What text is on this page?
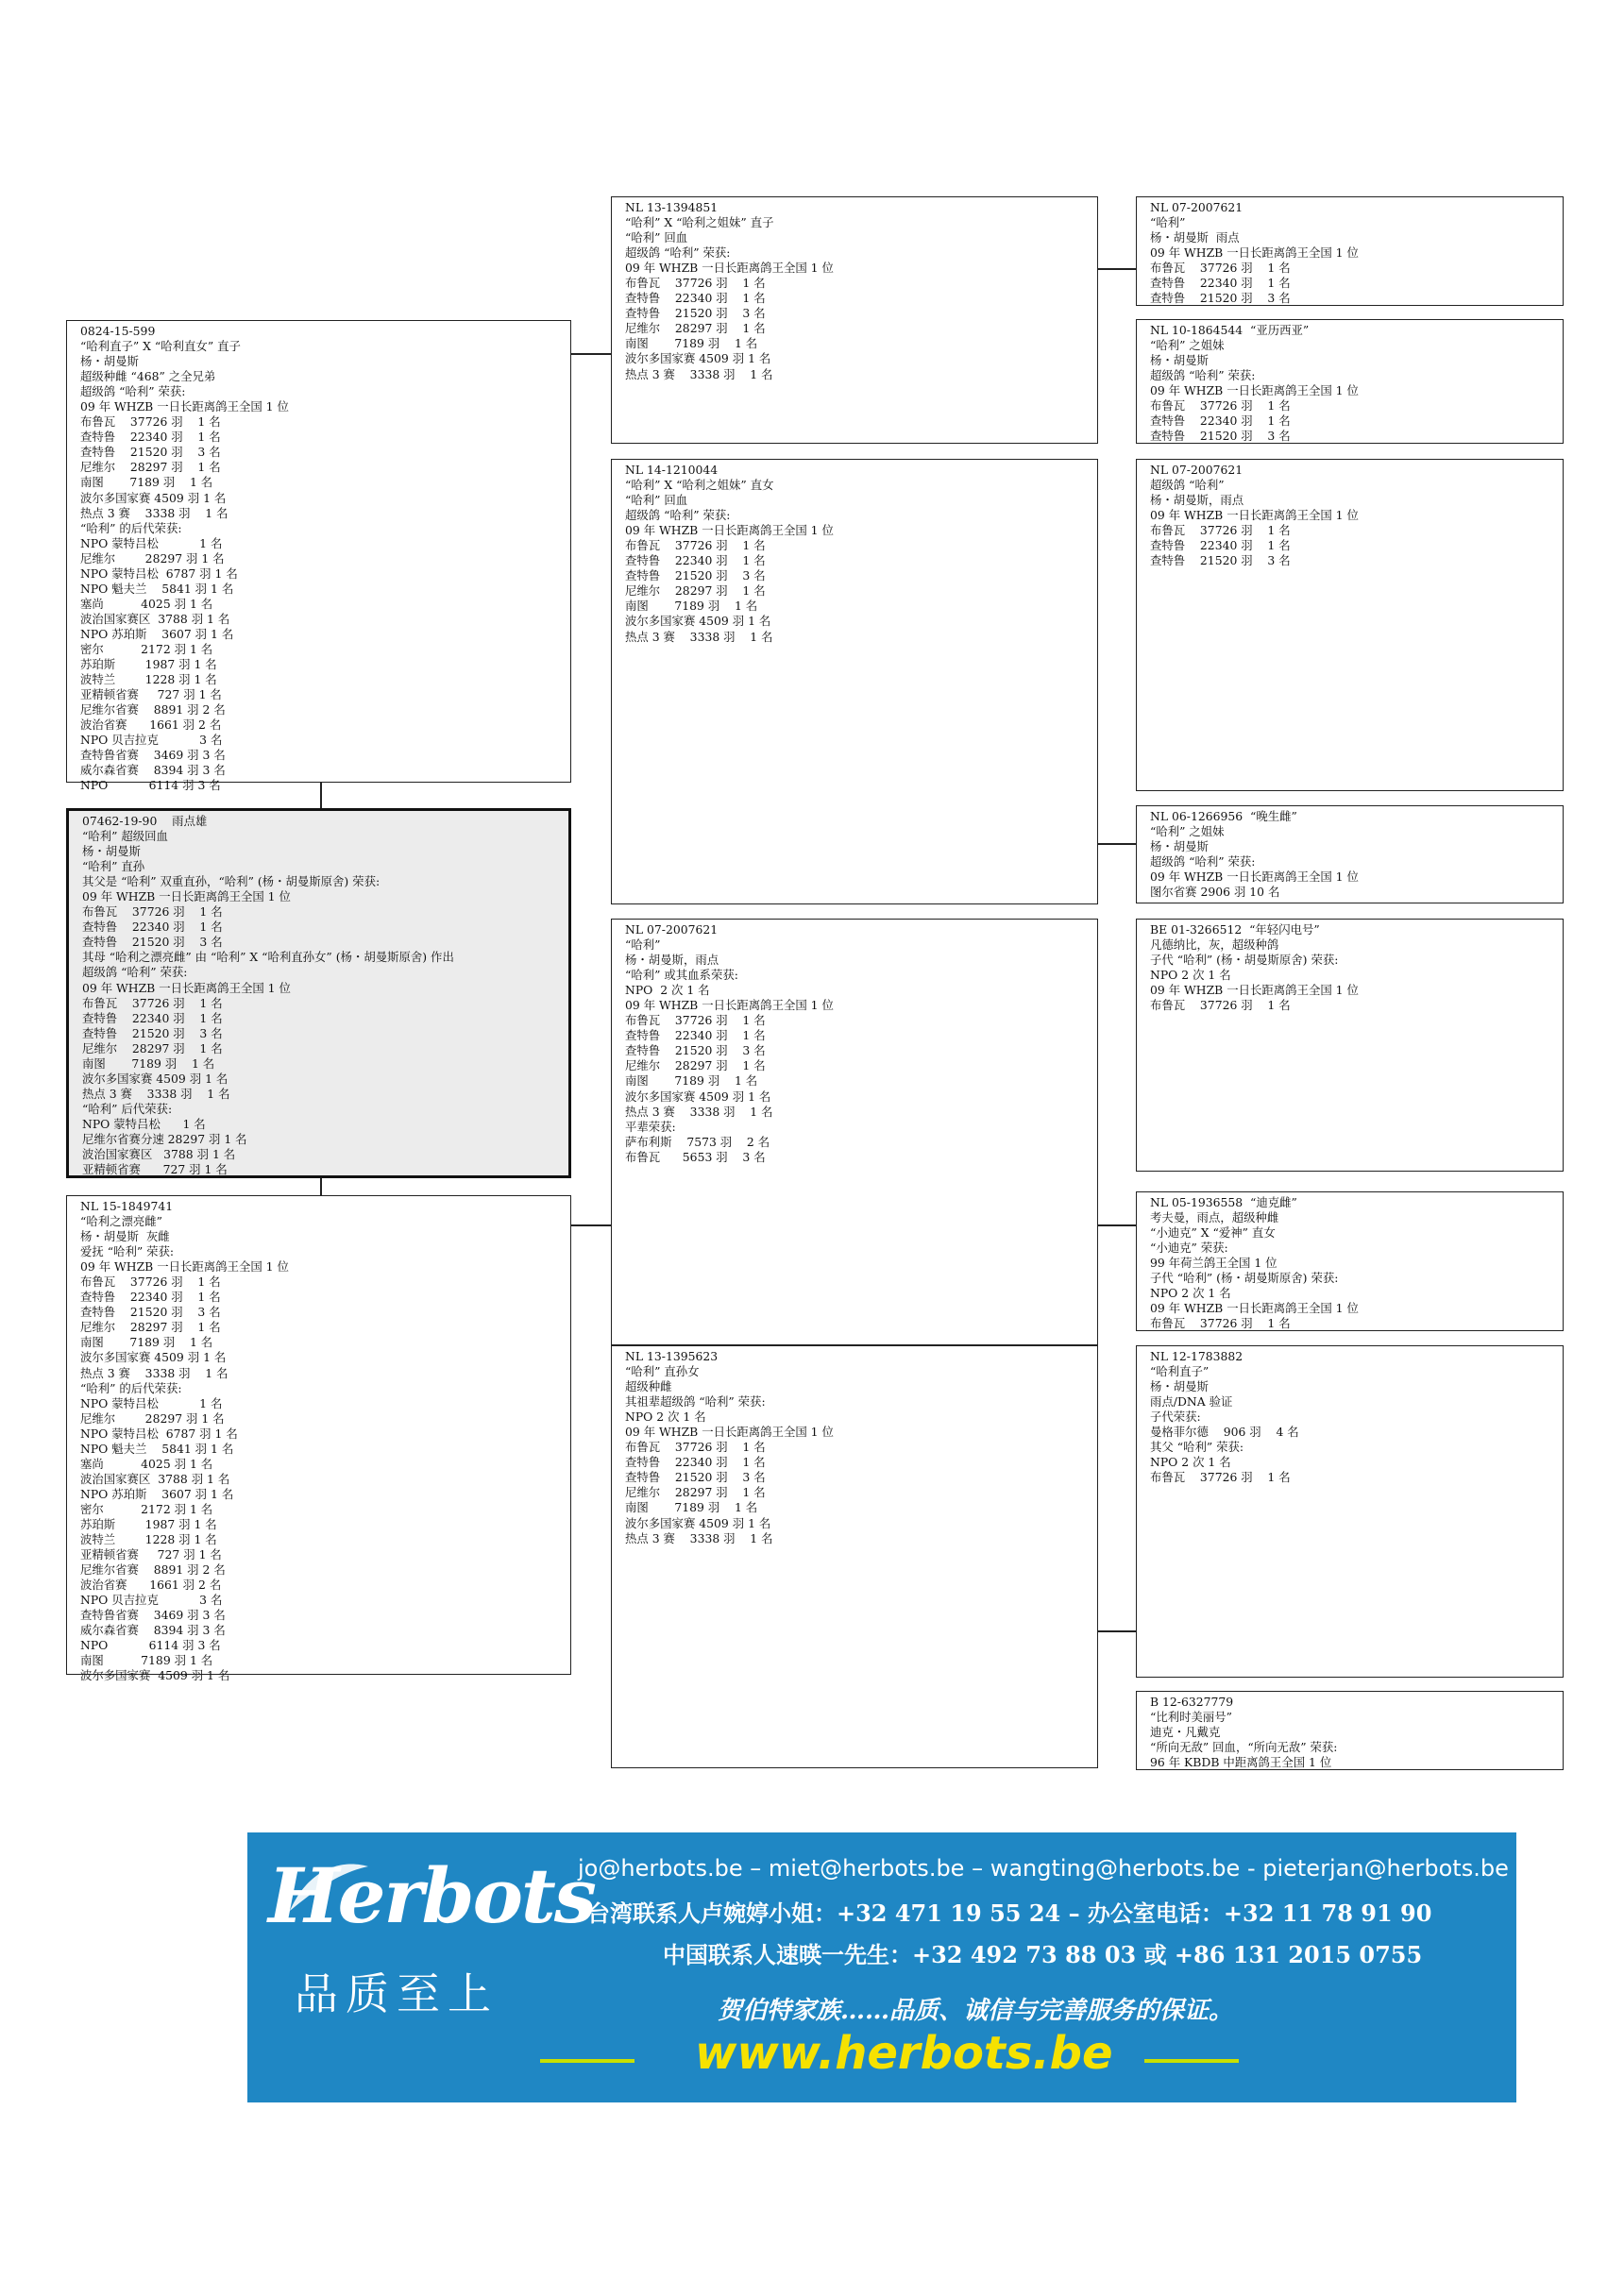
0824-15-599
“哈利直子” X “哈利直女” 直子
杨・胡曼斯
超级种雌 “468” 之全兄弟
超级鸽 “哈利” 荣获:
09 年 WHZB 一日长距离鸽王全国 1 位
布鲁瓦    37726 羽    1 名
查特鲁    22340 羽    1 名
查特鲁    21520 羽    3 名
尼维尔    28297 羽    1 名
南图       7189 羽    1 名
波尔多国家赛 4509 羽 1 名
热点 3 赛    3338 羽    1 名
“哈利” 的后代荣获:
NPO 蒙特吕松           1 名
尼维尔        28297 羽 1 名
NPO 蒙特吕松  6787 羽 1 名
NPO 魁夫兰    5841 羽 1 名
塞尚          4025 羽 1 名
波治国家赛区  3788 羽 1 名
NPO 苏珀斯    3607 羽 1 名
密尔          2172 羽 1 名
苏珀斯        1987 羽 1 名
波特兰        1228 羽 1 名
亚精顿省赛     727 羽 1 名
尼维尔省赛    8891 羽 2 名
波治省赛      1661 羽 2 名
NPO 贝吉拉克           3 名
查特鲁省赛    3469 羽 3 名
威尔森省赛    8394 羽 3 名
NPO           6114 羽 3 名
07462-19-90    雨点雄
“哈利” 超级回血
杨・胡曼斯
“哈利” 直孙
其父是 “哈利” 双重直孙，“哈利” (杨・胡曼斯原舍) 荣获:
09 年 WHZB 一日长距离鸽王全国 1 位
布鲁瓦    37726 羽    1 名
查特鲁    22340 羽    1 名
查特鲁    21520 羽    3 名
其母 “哈利之漂亮雌” 由 “哈利” X “哈利直孙女” (杨・胡曼斯原舍) 作出
超级鸽 “哈利” 荣获:
09 年 WHZB 一日长距离鸽王全国 1 位
布鲁瓦    37726 羽    1 名
查特鲁    22340 羽    1 名
查特鲁    21520 羽    3 名
尼维尔    28297 羽    1 名
南图       7189 羽    1 名
波尔多国家赛 4509 羽 1 名
热点 3 赛    3338 羽    1 名
“哈利” 后代荣获:
NPO 蒙特吕松      1 名
尼维尔省赛分速 28297 羽 1 名
波治国家赛区   3788 羽 1 名
亚精顿省赛      727 羽 1 名
NL 15-1849741
“哈利之漂亮雌”
杨・胡曼斯  灰雌
爱抚 “哈利” 荣获:
09 年 WHZB 一日长距离鸽王全国 1 位
布鲁瓦    37726 羽    1 名
查特鲁    22340 羽    1 名
查特鲁    21520 羽    3 名
尼维尔    28297 羽    1 名
南图       7189 羽    1 名
波尔多国家赛 4509 羽 1 名
热点 3 赛    3338 羽    1 名
“哈利” 的后代荣获:
NPO 蒙特吕松           1 名
尼维尔        28297 羽 1 名
NPO 蒙特吕松  6787 羽 1 名
NPO 魁夫兰    5841 羽 1 名
塞尚          4025 羽 1 名
波治国家赛区  3788 羽 1 名
NPO 苏珀斯    3607 羽 1 名
密尔          2172 羽 1 名
苏珀斯        1987 羽 1 名
波特兰        1228 羽 1 名
亚精顿省赛     727 羽 1 名
尼维尔省赛    8891 羽 2 名
波治省赛      1661 羽 2 名
NPO 贝吉拉克           3 名
查特鲁省赛    3469 羽 3 名
威尔森省赛    8394 羽 3 名
NPO           6114 羽 3 名
南图          7189 羽 1 名
波尔多国家赛  4509 羽 1 名
NL 13-1394851
“哈利” X “哈利之姐妹” 直子
“哈利” 回血
超级鸽 “哈利” 荣获:
09 年 WHZB 一日长距离鸽王全国 1 位
布鲁瓦    37726 羽    1 名
查特鲁    22340 羽    1 名
查特鲁    21520 羽    3 名
尼维尔    28297 羽    1 名
南图       7189 羽    1 名
波尔多国家赛 4509 羽 1 名
热点 3 赛    3338 羽    1 名
NL 14-1210044
“哈利” X “哈利之姐妹” 直女
“哈利” 回血
超级鸽 “哈利” 荣获:
09 年 WHZB 一日长距离鸽王全国 1 位
布鲁瓦    37726 羽    1 名
查特鲁    22340 羽    1 名
查特鲁    21520 羽    3 名
尼维尔    28297 羽    1 名
南图       7189 羽    1 名
波尔多国家赛 4509 羽 1 名
热点 3 赛    3338 羽    1 名
NL 07-2007621
“哈利”
杨・胡曼斯，雨点
“哈利” 或其血系荣获:
NPO  2 次 1 名
09 年 WHZB 一日长距离鸽王全国 1 位
布鲁瓦    37726 羽    1 名
查特鲁    22340 羽    1 名
查特鲁    21520 羽    3 名
尼维尔    28297 羽    1 名
南图       7189 羽    1 名
波尔多国家赛 4509 羽 1 名
热点 3 赛    3338 羽    1 名
平辈荣获:
萨布利斯    7573 羽    2 名
布鲁瓦      5653 羽    3 名
NL 13-1395623
“哈利” 直孙女
超级种雌
其祖辈超级鸽 “哈利” 荣获:
NPO 2 次 1 名
09 年 WHZB 一日长距离鸽王全国 1 位
布鲁瓦    37726 羽    1 名
查特鲁    22340 羽    1 名
查特鲁    21520 羽    3 名
尼维尔    28297 羽    1 名
南图       7189 羽    1 名
波尔多国家赛 4509 羽 1 名
热点 3 赛    3338 羽    1 名
NL 07-2007621
“哈利”
杨・胡曼斯  雨点
09 年 WHZB 一日长距离鸽王全国 1 位
布鲁瓦    37726 羽    1 名
查特鲁    22340 羽    1 名
查特鲁    21520 羽    3 名
NL 10-1864544  “亚历西亚”
“哈利” 之姐妹
杨・胡曼斯
超级鸽 “哈利” 荣获:
09 年 WHZB 一日长距离鸽王全国 1 位
布鲁瓦    37726 羽    1 名
查特鲁    22340 羽    1 名
查特鲁    21520 羽    3 名
NL 07-2007621
超级鸽 “哈利”
杨・胡曼斯，雨点
09 年 WHZB 一日长距离鸽王全国 1 位
布鲁瓦    37726 羽    1 名
查特鲁    22340 羽    1 名
查特鲁    21520 羽    3 名
NL 06-1266956  “晚生雌”
“哈利” 之姐妹
杨・胡曼斯
超级鸽 “哈利” 荣获:
09 年 WHZB 一日长距离鸽王全国 1 位
图尔省赛 2906 羽 10 名
BE 01-3266512  “年轻闪电号”
凡德纳比，灰，超级种鸽
子代 “哈利” (杨・胡曼斯原舍) 荣获:
NPO 2 次 1 名
09 年 WHZB 一日长距离鸽王全国 1 位
布鲁瓦    37726 羽    1 名
NL 05-1936558  “迪克雌”
考夫曼，雨点，超级种雌
“小迪克” X “爱神” 直女
“小迪克” 荣获:
99 年荷兰鸽王全国 1 位
子代 “哈利” (杨・胡曼斯原舍) 荣获:
NPO 2 次 1 名
09 年 WHZB 一日长距离鸽王全国 1 位
布鲁瓦    37726 羽    1 名
NL 12-1783882
“哈利直子”
杨・胡曼斯
雨点/DNA 验证
子代荣获:
曼格菲尔德    906 羽    4 名
其父 “哈利” 荣获:
NPO 2 次 1 名
布鲁瓦    37726 羽    1 名
B 12-6327779
“比利时美丽号”
迪克・凡戴克
“所向无敌” 回血，“所向无敌” 荣获:
96 年 KBDB 中距离鸽王全国 1 位
Herbots
品质至上
jo@herbots.be – miet@herbots.be – wangting@herbots.be - pieterjan@herbots.be
台湾联系人卢婉婷小姐：+32 471 19 55 24 – 办公室电话：+32 11 78 91 90
中国联系人速暎一先生：+32 492 73 88 03 或 +86 131 2015 0755
贺伯特家族……品质、诚信与完善服务的保证。
www.herbots.be
